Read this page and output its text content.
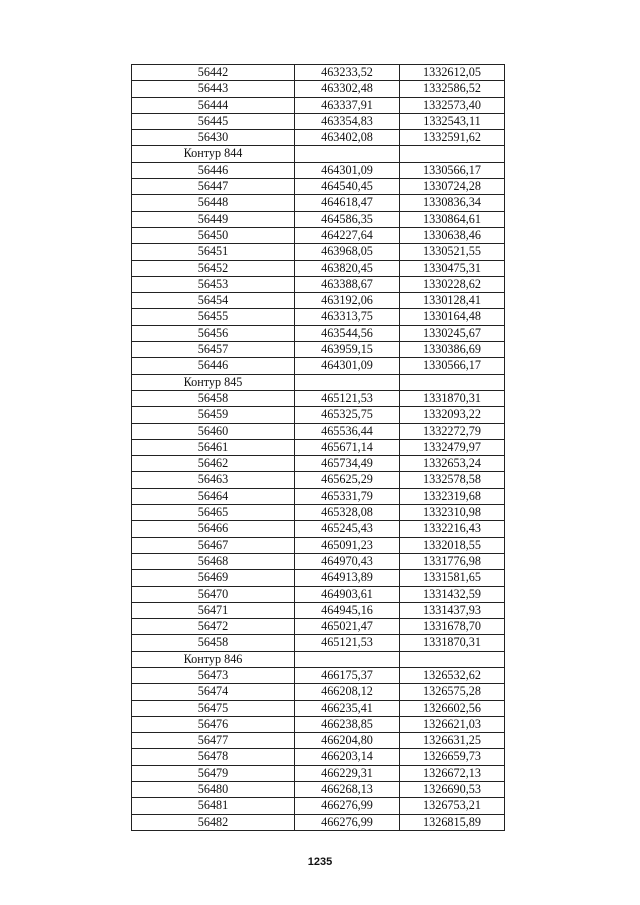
56442	463233,52	1332612,05
56443	463302,48	1332586,52
56444	463337,91	1332573,40
56445	463354,83	1332543,11
56430	463402,08	1332591,62
Контур 844		
56446	464301,09	1330566,17
56447	464540,45	1330724,28
56448	464618,47	1330836,34
56449	464586,35	1330864,61
56450	464227,64	1330638,46
56451	463968,05	1330521,55
56452	463820,45	1330475,31
56453	463388,67	1330228,62
56454	463192,06	1330128,41
56455	463313,75	1330164,48
56456	463544,56	1330245,67
56457	463959,15	1330386,69
56446	464301,09	1330566,17
Контур 845		
56458	465121,53	1331870,31
56459	465325,75	1332093,22
56460	465536,44	1332272,79
56461	465671,14	1332479,97
56462	465734,49	1332653,24
56463	465625,29	1332578,58
56464	465331,79	1332319,68
56465	465328,08	1332310,98
56466	465245,43	1332216,43
56467	465091,23	1332018,55
56468	464970,43	1331776,98
56469	464913,89	1331581,65
56470	464903,61	1331432,59
56471	464945,16	1331437,93
56472	465021,47	1331678,70
56458	465121,53	1331870,31
Контур 846		
56473	466175,37	1326532,62
56474	466208,12	1326575,28
56475	466235,41	1326602,56
56476	466238,85	1326621,03
56477	466204,80	1326631,25
56478	466203,14	1326659,73
56479	466229,31	1326672,13
56480	466268,13	1326690,53
56481	466276,99	1326753,21
56482	466276,99	1326815,89
1235
